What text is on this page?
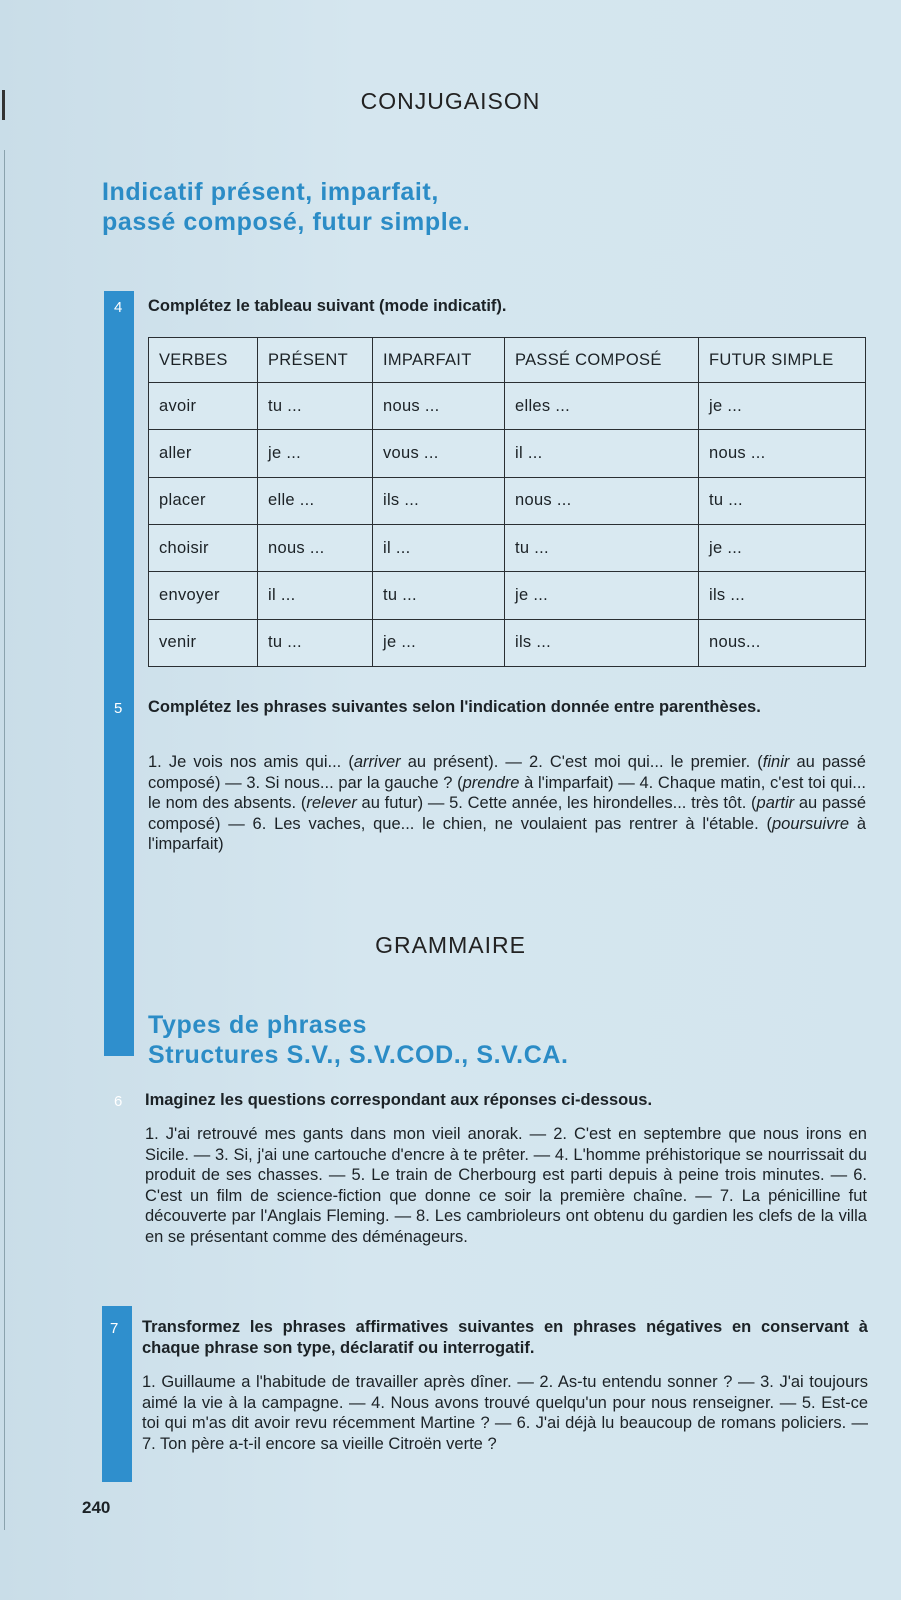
CONJUGAISON
Indicatif présent, imparfait,
passé composé, futur simple.
4 Complétez le tableau suivant (mode indicatif).

VERBES	PRÉSENT	IMPARFAIT	PASSÉ COMPOSÉ	FUTUR SIMPLE
avoir	tu ...	nous ...	elles ...	je ...
aller	je ...	vous ...	il ...	nous ...
placer	elle ...	ils ...	nous ...	tu ...
choisir	nous ...	il ...	tu ...	je ...
envoyer	il ...	tu ...	je ...	ils ...
venir	tu ...	je ...	ils ...	nous...
5 Complétez les phrases suivantes selon l'indication donnée entre parenthèses.

1. Je vois nos amis qui... (arriver au présent). — 2. C'est moi qui... le premier. (finir au passé composé) — 3. Si nous... par la gauche ? (prendre à l'imparfait) — 4. Chaque matin, c'est toi qui... le nom des absents. (relever au futur) — 5. Cette année, les hirondelles... très tôt. (partir au passé composé) — 6. Les vaches, que... le chien, ne voulaient pas rentrer à l'étable. (poursuivre à l'imparfait)

GRAMMAIRE
Types de phrases
Structures S.V., S.V.COD., S.V.CA.
6 Imaginez les questions correspondant aux réponses ci-dessous.

1. J'ai retrouvé mes gants dans mon vieil anorak. — 2. C'est en septembre que nous irons en Sicile. — 3. Si, j'ai une cartouche d'encre à te prêter. — 4. L'homme préhistorique se nourrissait du produit de ses chasses. — 5. Le train de Cherbourg est parti depuis à peine trois minutes. — 6. C'est un film de science-fiction que donne ce soir la première chaîne. — 7. La pénicilline fut découverte par l'Anglais Fleming. — 8. Les cambrioleurs ont obtenu du gardien les clefs de la villa en se présentant comme des déménageurs.

7 Transformez les phrases affirmatives suivantes en phrases négatives en conservant à chaque phrase son type, déclaratif ou interrogatif.

1. Guillaume a l'habitude de travailler après dîner. — 2. As-tu entendu sonner ? — 3. J'ai toujours aimé la vie à la campagne. — 4. Nous avons trouvé quelqu'un pour nous renseigner. — 5. Est-ce toi qui m'as dit avoir revu récemment Martine ? — 6. J'ai déjà lu beaucoup de romans policiers. — 7. Ton père a-t-il encore sa vieille Citroën verte ?

240
